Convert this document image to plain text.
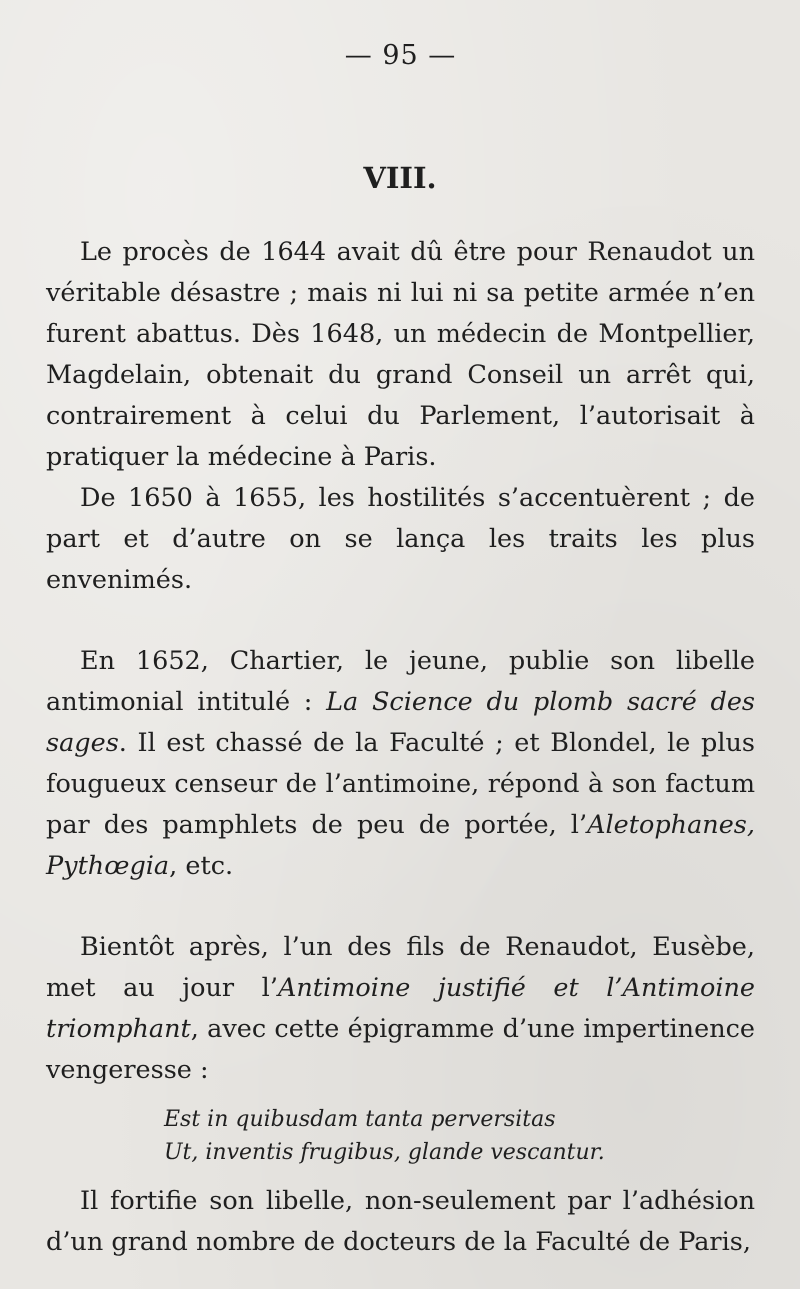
— 95 —
VIII.

Le procès de 1644 avait dû être pour Renaudot un véritable désastre ; mais ni lui ni sa petite armée n’en furent abattus. Dès 1648, un médecin de Montpellier, Magdelain, obtenait du grand Conseil un arrêt qui, contrairement à celui du Parlement, l’autorisait à pratiquer la médecine à Paris.

De 1650 à 1655, les hostilités s’accentuèrent ; de part et d’autre on se lança les traits les plus envenimés.

En 1652, Chartier, le jeune, publie son libelle antimonial intitulé : La Science du plomb sacré des sages. Il est chassé de la Faculté ; et Blondel, le plus fougueux censeur de l’antimoine, répond à son factum par des pamphlets de peu de portée, l’Aletophanes, Pythœgia, etc.

Bientôt après, l’un des fils de Renaudot, Eusèbe, met au jour l’Antimoine justifié et l’Antimoine triomphant, avec cette épigramme d’une impertinence vengeresse :

Est in quibusdam tanta perversitas
Ut, inventis frugibus, glande vescantur.

Il fortifie son libelle, non-seulement par l’adhésion d’un grand nombre de docteurs de la Faculté de Paris,
